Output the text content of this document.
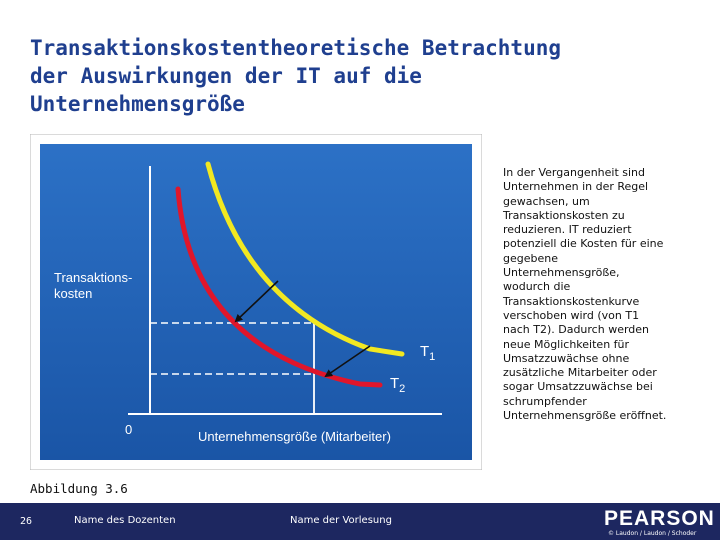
Transaktionskostentheoretische Betrachtung
der Auswirkungen der IT auf die
Unternehmensgröße
Transaktions-
kosten
Unternehmensgröße (Mitarbeiter)
0
$T_1$
$T_2$
In der Vergangenheit sind
Unternehmen in der Regel
gewachsen, um
Transaktionskosten zu
reduzieren. IT reduziert
potenziell die Kosten für eine
gegebene
Unternehmensgröße,
wodurch die
Transaktionskostenkurve
verschoben wird (von T1
nach T2). Dadurch werden
neue Möglichkeiten für
Umsatzzuwächse ohne
zusätzliche Mitarbeiter oder
sogar Umsatzzuwächse bei
schrumpfender
Unternehmensgröße eröffnet.
Abbildung 3.6
26	Name des Dozenten	Name der Vorlesung	PEARSON
© Laudon / Laudon / Schoder
